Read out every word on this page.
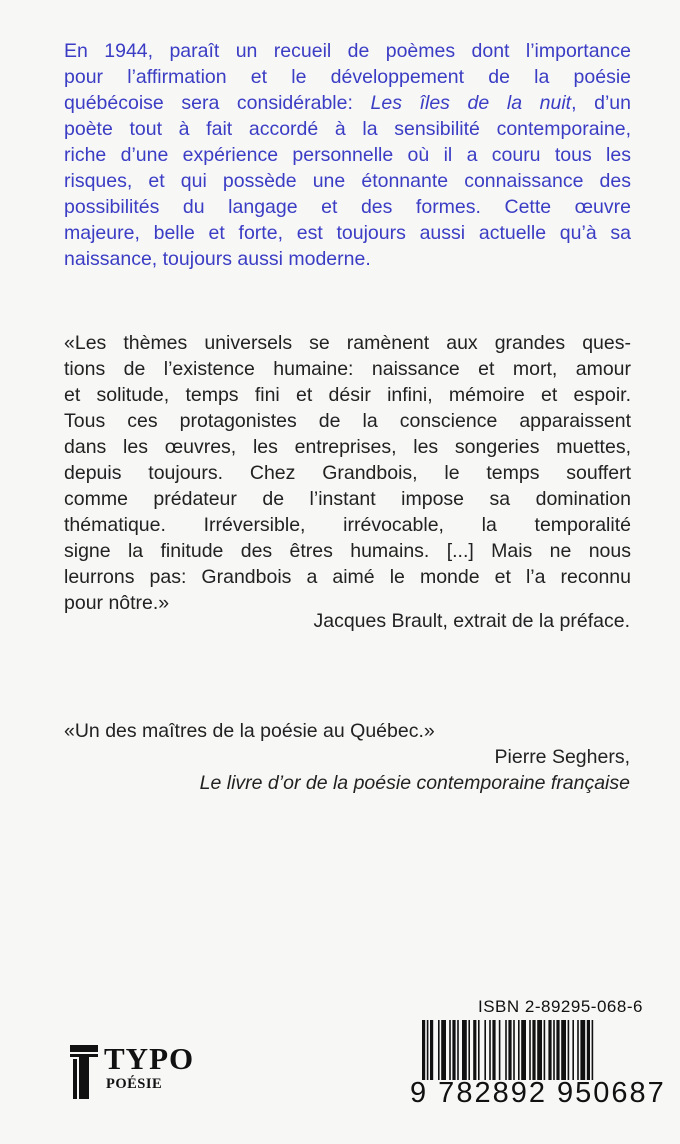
En 1944, paraît un recueil de poèmes dont l’importance
pour l’affirmation et le développement de la poésie
québécoise sera considérable: Les îles de la nuit, d’un
poète tout à fait accordé à la sensibilité contemporaine,
riche d’une expérience personnelle où il a couru tous les
risques, et qui possède une étonnante connaissance des
possibilités du langage et des formes. Cette œuvre
majeure, belle et forte, est toujours aussi actuelle qu’à sa
naissance, toujours aussi moderne.
«Les thèmes universels se ramènent aux grandes ques-
tions de l’existence humaine: naissance et mort, amour
et solitude, temps fini et désir infini, mémoire et espoir.
Tous ces protagonistes de la conscience apparaissent
dans les œuvres, les entreprises, les songeries muettes,
depuis toujours. Chez Grandbois, le temps souffert
comme prédateur de l’instant impose sa domination
thématique. Irréversible, irrévocable, la temporalité
signe la finitude des êtres humains. [...] Mais ne nous
leurrons pas: Grandbois a aimé le monde et l’a reconnu
pour nôtre.»
Jacques Brault, extrait de la préface.
«Un des maîtres de la poésie au Québec.»
Pierre Seghers,
Le livre d’or de la poésie contemporaine française
TYPO
POÉSIE
ISBN 2-89295-068-6
9 782892 950687
